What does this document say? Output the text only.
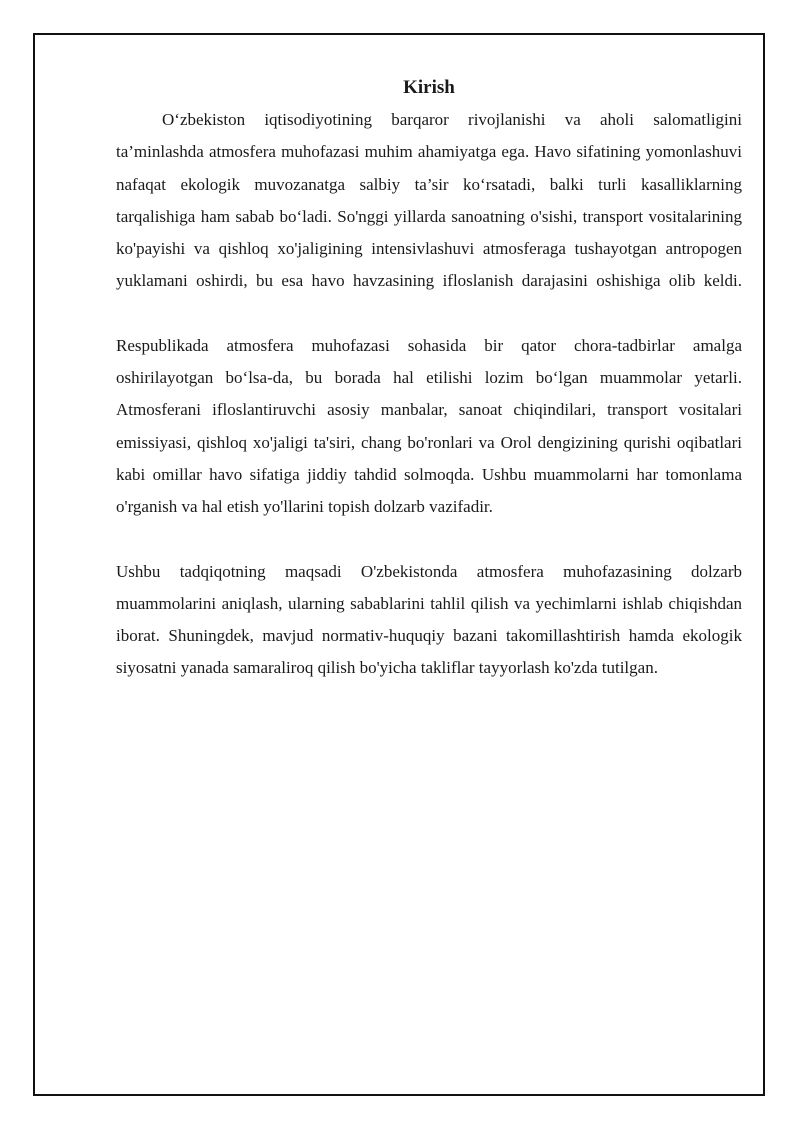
Kirish

O‘zbekiston iqtisodiyotining barqaror rivojlanishi va aholi salomatligini ta’minlashda atmosfera muhofazasi muhim ahamiyatga ega. Havo sifatining yomonlashuvi nafaqat ekologik muvozanatga salbiy ta’sir ko‘rsatadi, balki turli kasalliklarning tarqalishiga ham sabab bo‘ladi. So'nggi yillarda sanoatning o'sishi, transport vositalarining ko'payishi va qishloq xo'jaligining intensivlashuvi atmosferaga tushayotgan antropogen yuklamani oshirdi, bu esa havo havzasining ifloslanish darajasini oshishiga olib keldi.

Respublikada atmosfera muhofazasi sohasida bir qator chora-tadbirlar amalga oshirilayotgan bo‘lsa-da, bu borada hal etilishi lozim bo‘lgan muammolar yetarli. Atmosferani ifloslantiruvchi asosiy manbalar, sanoat chiqindilari, transport vositalari emissiyasi, qishloq xo'jaligi ta'siri, chang bo'ronlari va Orol dengizining qurishi oqibatlari kabi omillar havo sifatiga jiddiy tahdid solmoqda. Ushbu muammolarni har tomonlama o'rganish va hal etish yo'llarini topish dolzarb vazifadir.

Ushbu tadqiqotning maqsadi O'zbekistonda atmosfera muhofazasining dolzarb muammolarini aniqlash, ularning sabablarini tahlil qilish va yechimlarni ishlab chiqishdan iborat. Shuningdek, mavjud normativ-huquqiy bazani takomillashtirish hamda ekologik siyosatni yanada samaraliroq qilish bo'yicha takliflar tayyorlash ko'zda tutilgan.
